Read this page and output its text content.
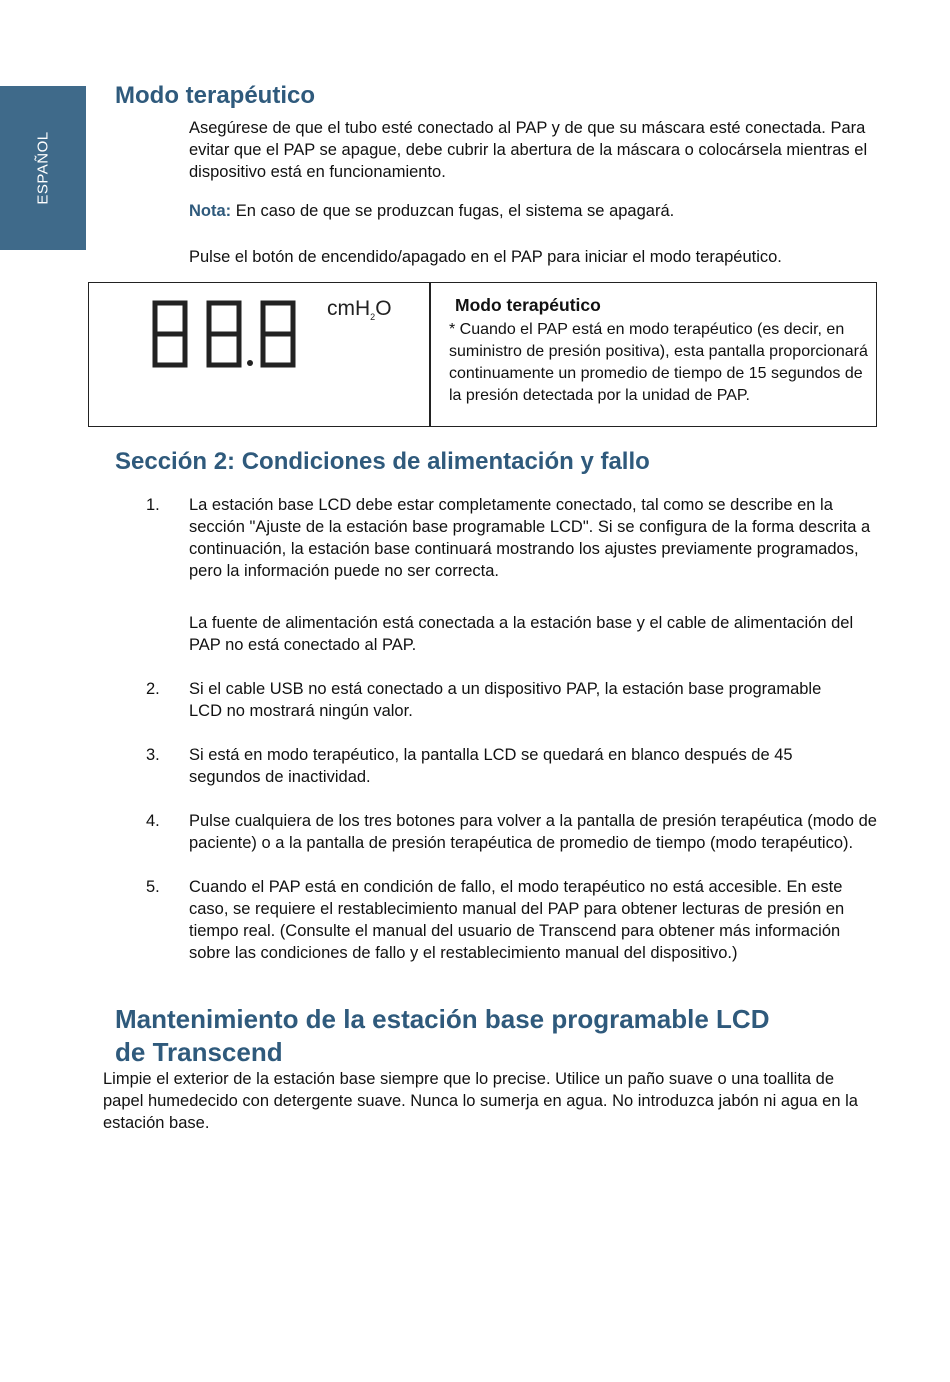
ESPAÑOL
Modo terapéutico
Asegúrese de que el tubo esté conectado al PAP y de que su máscara esté conectada. Para evitar que el PAP se apague, debe cubrir la abertura de la máscara o colocársela mientras el dispositivo está en funcionamiento.
Nota: En caso de que se produzcan fugas, el sistema se apagará.
Pulse el botón de encendido/apagado en el PAP para iniciar el modo terapéutico.
cmH$_2$O	Modo terapéutico
* Cuando el PAP está en modo terapéutico (es decir, en suministro de presión positiva), esta pantalla proporcionará continuamente un promedio de tiempo de 15 segundos de la presión detectada por la unidad de PAP.
Sección 2: Condiciones de alimentación y fallo
1. La estación base LCD debe estar completamente conectado, tal como se describe en la sección "Ajuste de la estación base programable LCD". Si se configura de la forma descrita a continuación, la estación base continuará mostrando los ajustes previamente programados, pero la información puede no ser correcta.
La fuente de alimentación está conectada a la estación base y el cable de alimentación del PAP no está conectado al PAP.
2. Si el cable USB no está conectado a un dispositivo PAP, la estación base programable LCD no mostrará ningún valor.
3. Si está en modo terapéutico, la pantalla LCD se quedará en blanco después de 45 segundos de inactividad.
4. Pulse cualquiera de los tres botones para volver a la pantalla de presión terapéutica (modo de paciente) o a la pantalla de presión terapéutica de promedio de tiempo (modo terapéutico).
5. Cuando el PAP está en condición de fallo, el modo terapéutico no está accesible. En este caso, se requiere el restablecimiento manual del PAP para obtener lecturas de presión en tiempo real. (Consulte el manual del usuario de Transcend para obtener más información sobre las condiciones de fallo y el restablecimiento manual del dispositivo.)
Mantenimiento de la estación base programable LCD
de Transcend
Limpie el exterior de la estación base siempre que lo precise. Utilice un paño suave o una toallita de papel humedecido con detergente suave. Nunca lo sumerja en agua. No introduzca jabón ni agua en la estación base.
